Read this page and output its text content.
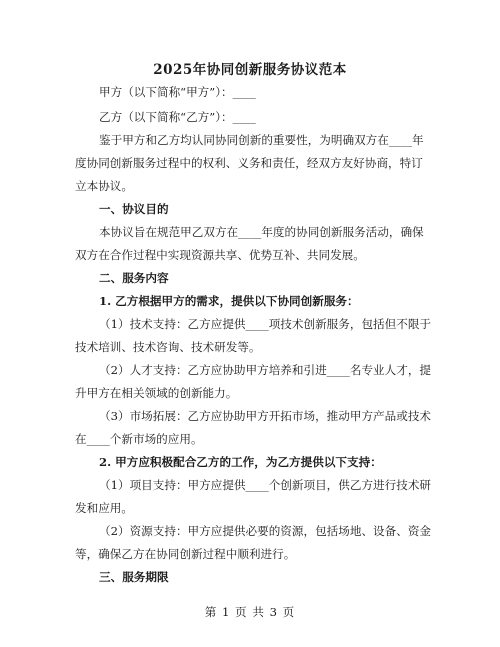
2025年协同创新服务协议范本
甲方（以下简称“甲方”）：____
乙方（以下简称“乙方”）：____
鉴于甲方和乙方均认同协同创新的重要性，为明确双方在____年
度协同创新服务过程中的权利、义务和责任，经双方友好协商，特订
立本协议。
一、协议目的
本协议旨在规范甲乙双方在____年度的协同创新服务活动，确保
双方在合作过程中实现资源共享、优势互补、共同发展。
二、服务内容
1. 乙方根据甲方的需求，提供以下协同创新服务：
（1）技术支持：乙方应提供____项技术创新服务，包括但不限于
技术培训、技术咨询、技术研发等。
（2）人才支持：乙方应协助甲方培养和引进____名专业人才，提
升甲方在相关领域的创新能力。
（3）市场拓展：乙方应协助甲方开拓市场，推动甲方产品或技术
在____个新市场的应用。
2. 甲方应积极配合乙方的工作，为乙方提供以下支持：
（1）项目支持：甲方应提供____个创新项目，供乙方进行技术研
发和应用。
（2）资源支持：甲方应提供必要的资源，包括场地、设备、资金
等，确保乙方在协同创新过程中顺利进行。
三、服务期限
第 1 页 共 3 页
